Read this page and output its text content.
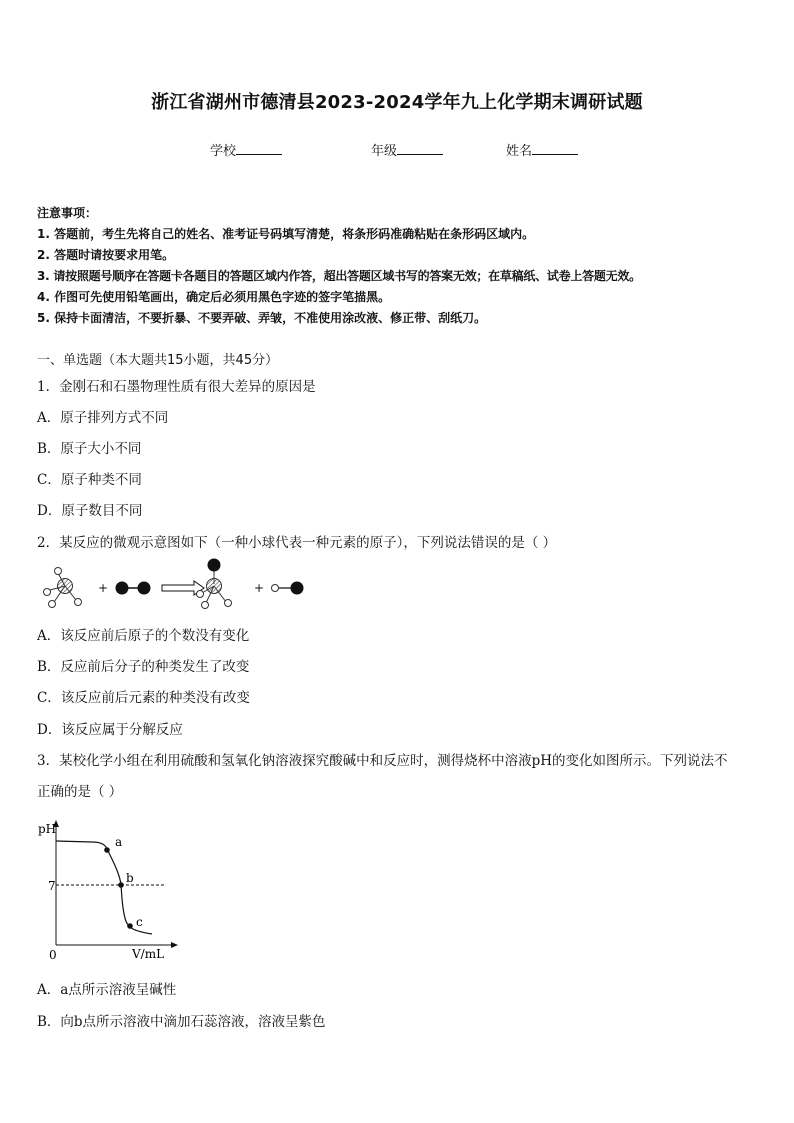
浙江省湖州市德清县2023-2024学年九上化学期末调研试题
学校	年级	姓名
注意事项：
1. 答题前，考生先将自己的姓名、准考证号码填写清楚，将条形码准确粘贴在条形码区域内。
2. 答题时请按要求用笔。
3. 请按照题号顺序在答题卡各题目的答题区域内作答，超出答题区域书写的答案无效；在草稿纸、试卷上答题无效。
4. 作图可先使用铅笔画出，确定后必须用黑色字迹的签字笔描黑。
5. 保持卡面清洁，不要折暴、不要弄破、弄皱，不准使用涂改液、修正带、刮纸刀。
一、单选题（本大题共15小题，共45分）
1．金刚石和石墨物理性质有很大差异的原因是
A．原子排列方式不同
B．原子大小不同
C．原子种类不同
D．原子数目不同
2．某反应的微观示意图如下（一种小球代表一种元素的原子），下列说法错误的是（ ）
+	+
A．该反应前后原子的个数没有变化
B．反应前后分子的种类发生了改变
C．该反应前后元素的种类没有改变
D．该反应属于分解反应
3．某校化学小组在利用硫酸和氢氧化钠溶液探究酸碱中和反应时，测得烧杯中溶液pH的变化如图所示。下列说法不
正确的是（ ）
pH
V/mL
7
0
a
b
c
A．a点所示溶液呈碱性
B．向b点所示溶液中滴加石蕊溶液，溶液呈紫色
